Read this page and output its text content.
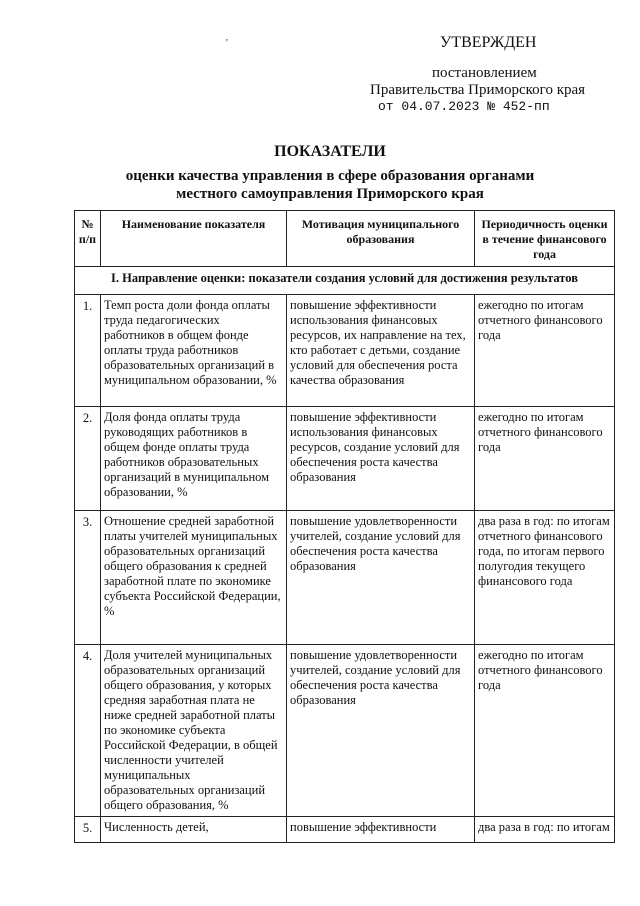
'	УТВЕРЖДЕН
постановлением
Правительства Приморского края
от 04.07.2023 № 452-пп
ПОКАЗАТЕЛИ
оценки качества управления в сфере образования органами
местного самоуправления Приморского края
№ п/п	Наименование показателя	Мотивация муниципального образования	Периодичность оценки в течение финансового года
I. Направление оценки: показатели создания условий для достижения результатов			
1.	Темп роста доли фонда оплаты труда педагогических работников в общем фонде оплаты труда работников образовательных организаций в муниципальном образовании, %	повышение эффективности использования финансовых ресурсов, их направление на тех, кто работает с детьми, создание условий для обеспечения роста качества образования	ежегодно по итогам отчетного финансового года
2.	Доля фонда оплаты труда руководящих работников в общем фонде оплаты труда работников образовательных организаций в муниципальном образовании, %	повышение эффективности использования финансовых ресурсов, создание условий для обеспечения роста качества образования	ежегодно по итогам отчетного финансового года
3.	Отношение средней заработной платы учителей муниципальных образовательных организаций общего образования к средней заработной плате по экономике субъекта Российской Федерации, %	повышение удовлетворенности учителей, создание условий для обеспечения роста качества образования	два раза в год: по итогам отчетного финансового года, по итогам первого полугодия текущего финансового года
4.	Доля учителей муниципальных образовательных организаций общего образования, у которых средняя заработная плата не ниже средней заработной платы по экономике субъекта Российской Федерации, в общей численности учителей муниципальных образовательных организаций общего образования, %	повышение удовлетворенности учителей, создание условий для обеспечения роста качества образования	ежегодно по итогам отчетного финансового года
5.	Численность детей,	повышение эффективности	два раза в год: по итогам
